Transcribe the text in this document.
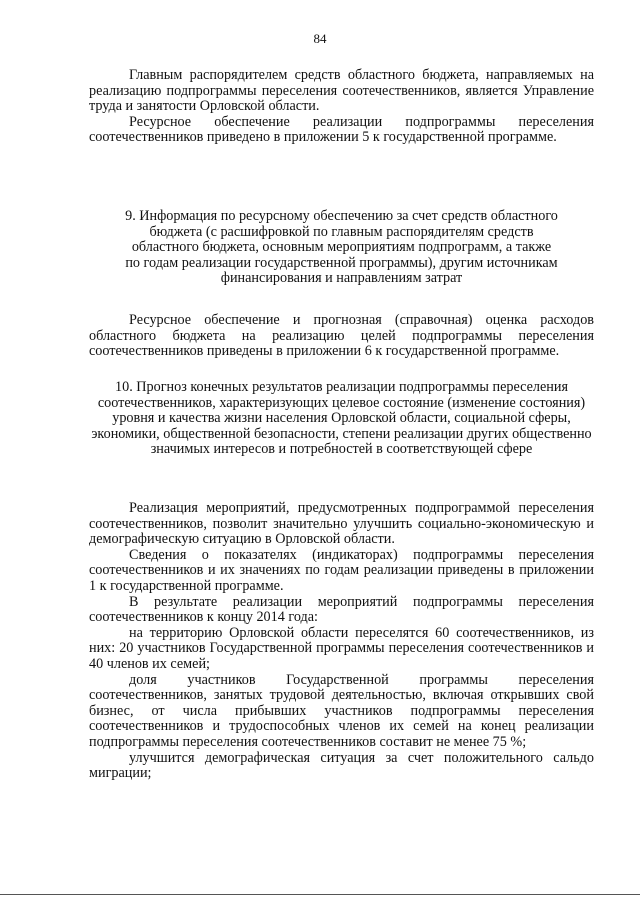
84

Главным распорядителем средств областного бюджета, направляемых на реализацию подпрограммы переселения соотечественников, является Управление труда и занятости Орловской области.

Ресурсное обеспечение реализации подпрограммы переселения соотечественников приведено в приложении 5 к государственной программе.

9. Информация по ресурсному обеспечению за счет средств областного бюджета (с расшифровкой по главным распорядителям средств областного бюджета, основным мероприятиям подпрограмм, а также по годам реализации государственной программы), другим источникам финансирования и направлениям затрат

Ресурсное обеспечение и прогнозная (справочная) оценка расходов областного бюджета на реализацию целей подпрограммы переселения соотечественников приведены в приложении 6 к государственной программе.

10. Прогноз конечных результатов реализации подпрограммы переселения соотечественников, характеризующих целевое состояние (изменение состояния) уровня и качества жизни населения Орловской области, социальной сферы, экономики, общественной безопасности, степени реализации других общественно значимых интересов и потребностей в соответствующей сфере

Реализация мероприятий, предусмотренных подпрограммой переселения соотечественников, позволит значительно улучшить социально-экономическую и демографическую ситуацию в Орловской области.

Сведения о показателях (индикаторах) подпрограммы переселения соотечественников и их значениях по годам реализации приведены в приложении 1 к государственной программе.

В результате реализации мероприятий подпрограммы переселения соотечественников к концу 2014 года:

на территорию Орловской области переселятся 60 соотечественников, из них: 20 участников Государственной программы переселения соотечественников и 40 членов их семей;

доля участников Государственной программы переселения соотечественников, занятых трудовой деятельностью, включая открывших свой бизнес, от числа прибывших участников подпрограммы переселения соотечественников и трудоспособных членов их семей на конец реализации подпрограммы переселения соотечественников составит не менее 75 %;

улучшится демографическая ситуация за счет положительного сальдо миграции;
